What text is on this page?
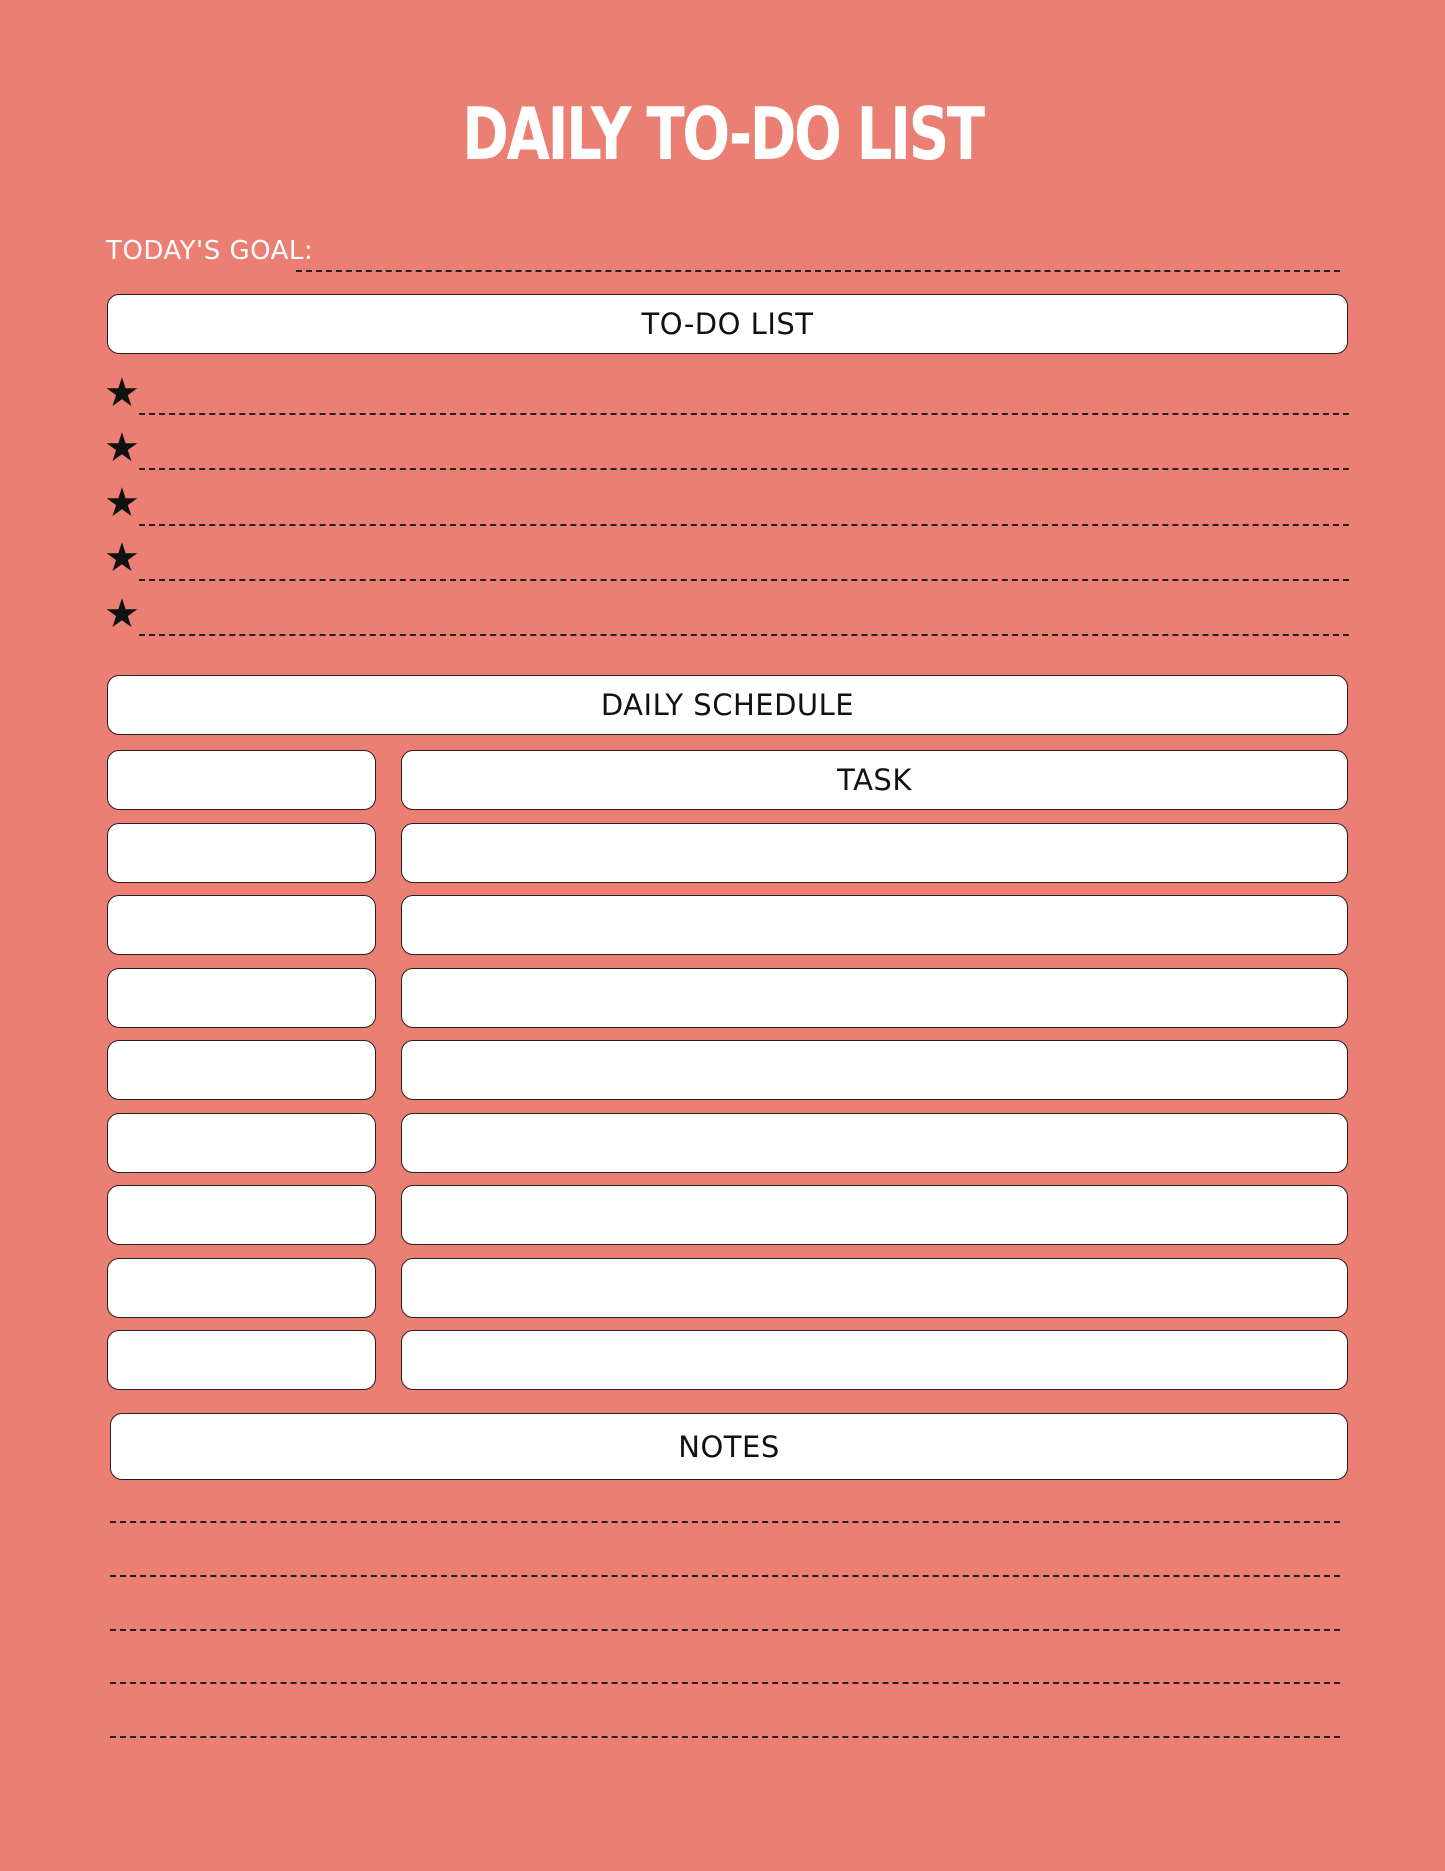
DAILY TO-DO LIST
TODAY'S GOAL:
TO-DO LIST
★
★
★
★
★
DAILY SCHEDULE
TASK
NOTES
